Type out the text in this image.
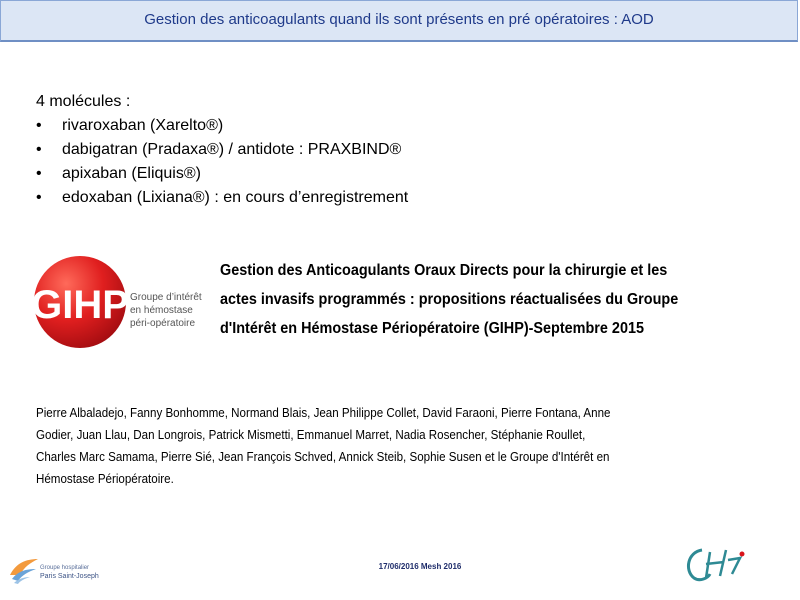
Gestion des anticoagulants quand ils sont présents en pré opératoires : AOD
4 molécules :
• rivaroxaban (Xarelto®)
• dabigatran (Pradaxa®) / antidote : PRAXBIND®
• apixaban (Eliquis®)
• edoxaban (Lixiana®) : en cours d’enregistrement
GIHP Groupe d’intérêt
en hémostase
péri-opératoire
Gestion des Anticoagulants Oraux Directs pour la chirurgie et les
actes invasifs programmés : propositions réactualisées du Groupe
d'Intérêt en Hémostase Périopératoire (GIHP)-Septembre 2015
Pierre Albaladejo, Fanny Bonhomme, Normand Blais, Jean Philippe Collet, David Faraoni, Pierre Fontana, Anne
Godier, Juan Llau, Dan Longrois, Patrick Mismetti, Emmanuel Marret, Nadia Rosencher, Stéphanie Roullet,
Charles Marc Samama, Pierre Sié, Jean François Schved, Annick Steib, Sophie Susen et le Groupe d'Intérêt en
Hémostase Périopératoire.
Groupe hospitalier
Paris Saint-Joseph
17/06/2016 Mesh 2016
